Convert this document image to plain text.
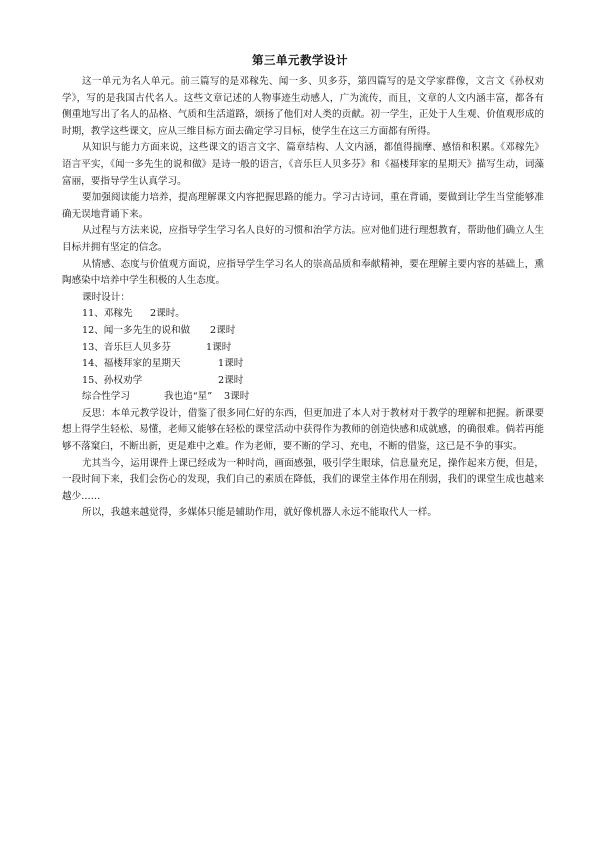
第三单元教学设计

这一单元为名人单元。前三篇写的是邓稼先、闻一多、贝多芬，第四篇写的是文学家群像，文言文《孙权劝学》，写的是我国古代名人。这些文章记述的人物事迹生动感人，广为流传，而且，文章的人文内涵丰富，都各有侧重地写出了名人的品格、气质和生活道路，颂扬了他们对人类的贡献。初一学生，正处于人生观、价值观形成的时期，教学这些课文，应从三维目标方面去确定学习目标，使学生在这三方面都有所得。

从知识与能力方面来说，这些课文的语言文字、篇章结构、人文内涵，都值得揣摩、感悟和积累。《邓稼先》语言平实，《闻一多先生的说和做》是诗一般的语言，《音乐巨人贝多芬》和《福楼拜家的星期天》描写生动，词藻富丽，要指导学生认真学习。

要加强阅读能力培养，提高理解课文内容把握思路的能力。学习古诗词，重在背诵，要做到让学生当堂能够准确无误地背诵下来。

从过程与方法来说，应指导学生学习名人良好的习惯和治学方法。应对他们进行理想教育，帮助他们确立人生目标并拥有坚定的信念。

从情感、态度与价值观方面说，应指导学生学习名人的崇高品质和奉献精神，要在理解主要内容的基础上，熏陶感染中培养中学生积极的人生态度。

课时设计：

11、邓稼先	2课时。
12、闻一多先生的说和做	2课时
13、音乐巨人贝多芬	1课时
14、福楼拜家的星期天	1课时
15、孙权劝学	2课时
综合性学习	我也追“星”	3课时

反思：本单元教学设计，借鉴了很多同仁好的东西，但更加进了本人对于教材对于教学的理解和把握。新课要想上得学生轻松、易懂，老师又能够在轻松的课堂活动中获得作为教师的创造快感和成就感，的确很难。倘若再能够不落窠臼，不断出新，更是难中之难。作为老师，要不断的学习、充电，不断的借鉴，这已是不争的事实。

尤其当今，运用课件上课已经成为一种时尚，画面感强，吸引学生眼球，信息量充足，操作起来方便，但是，一段时间下来，我们会伤心的发现，我们自己的素质在降低，我们的课堂主体作用在削弱，我们的课堂生成也越来越少……

所以，我越来越觉得，多媒体只能是辅助作用，就好像机器人永远不能取代人一样。
